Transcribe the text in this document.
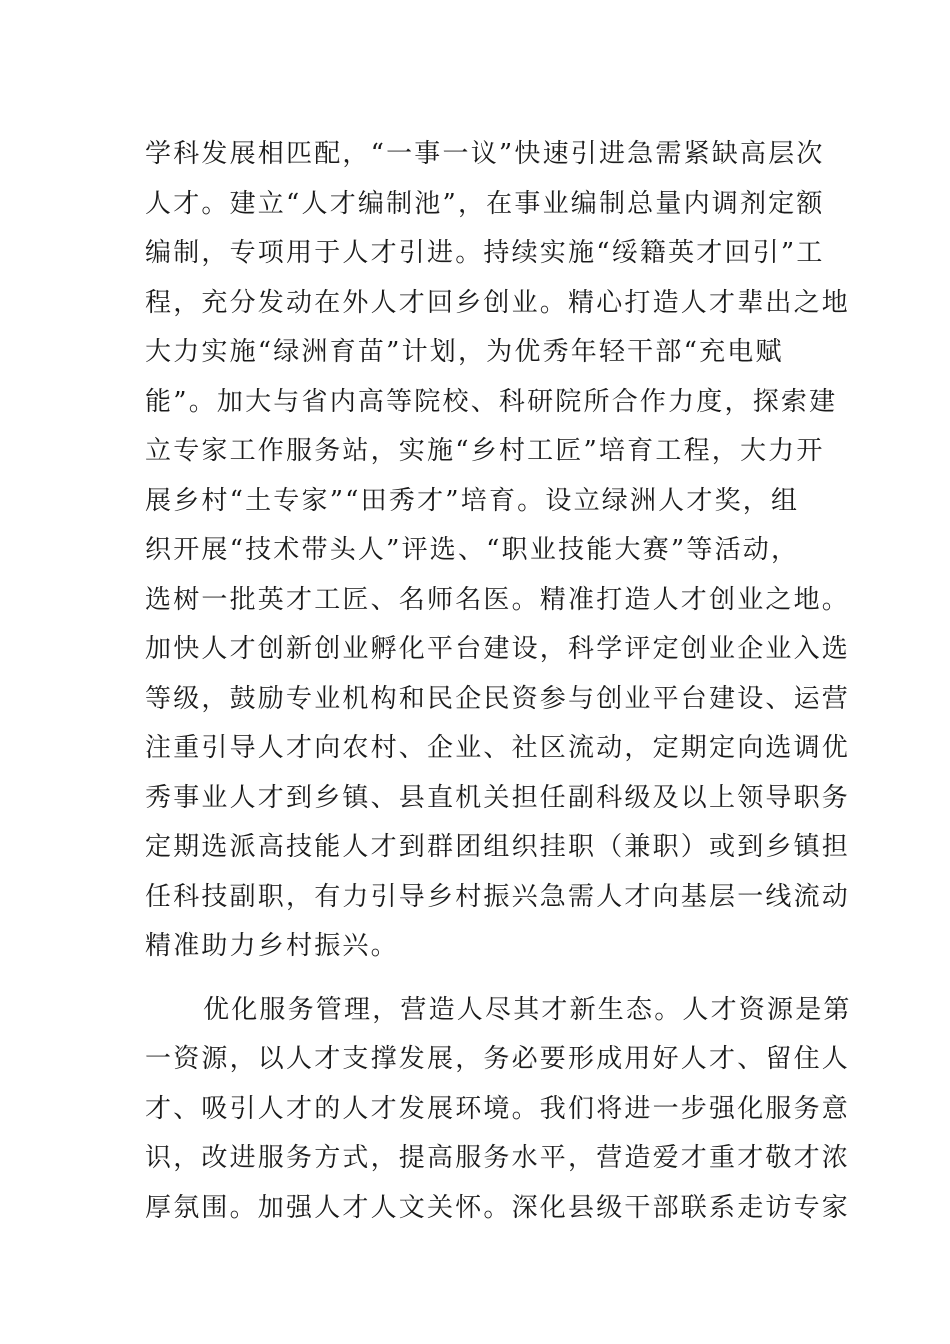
学科发展相匹配，“一事一议”快速引进急需紧缺高层次
人才。建立“人才编制池”，在事业编制总量内调剂定额
编制，专项用于人才引进。持续实施“绥籍英才回引”工
程，充分发动在外人才回乡创业。精心打造人才辈出之地
大力实施“绿洲育苗”计划，为优秀年轻干部“充电赋
能”。加大与省内高等院校、科研院所合作力度，探索建
立专家工作服务站，实施“乡村工匠”培育工程，大力开
展乡村“土专家”“田秀才”培育。设立绿洲人才奖，组
织开展“技术带头人”评选、“职业技能大赛”等活动，
选树一批英才工匠、名师名医。精准打造人才创业之地。
加快人才创新创业孵化平台建设，科学评定创业企业入选
等级，鼓励专业机构和民企民资参与创业平台建设、运营
注重引导人才向农村、企业、社区流动，定期定向选调优
秀事业人才到乡镇、县直机关担任副科级及以上领导职务
定期选派高技能人才到群团组织挂职（兼职）或到乡镇担
任科技副职，有力引导乡村振兴急需人才向基层一线流动
精准助力乡村振兴。
优化服务管理，营造人尽其才新生态。人才资源是第
一资源，以人才支撑发展，务必要形成用好人才、留住人
才、吸引人才的人才发展环境。我们将进一步强化服务意
识，改进服务方式，提高服务水平，营造爱才重才敬才浓
厚氛围。加强人才人文关怀。深化县级干部联系走访专家
